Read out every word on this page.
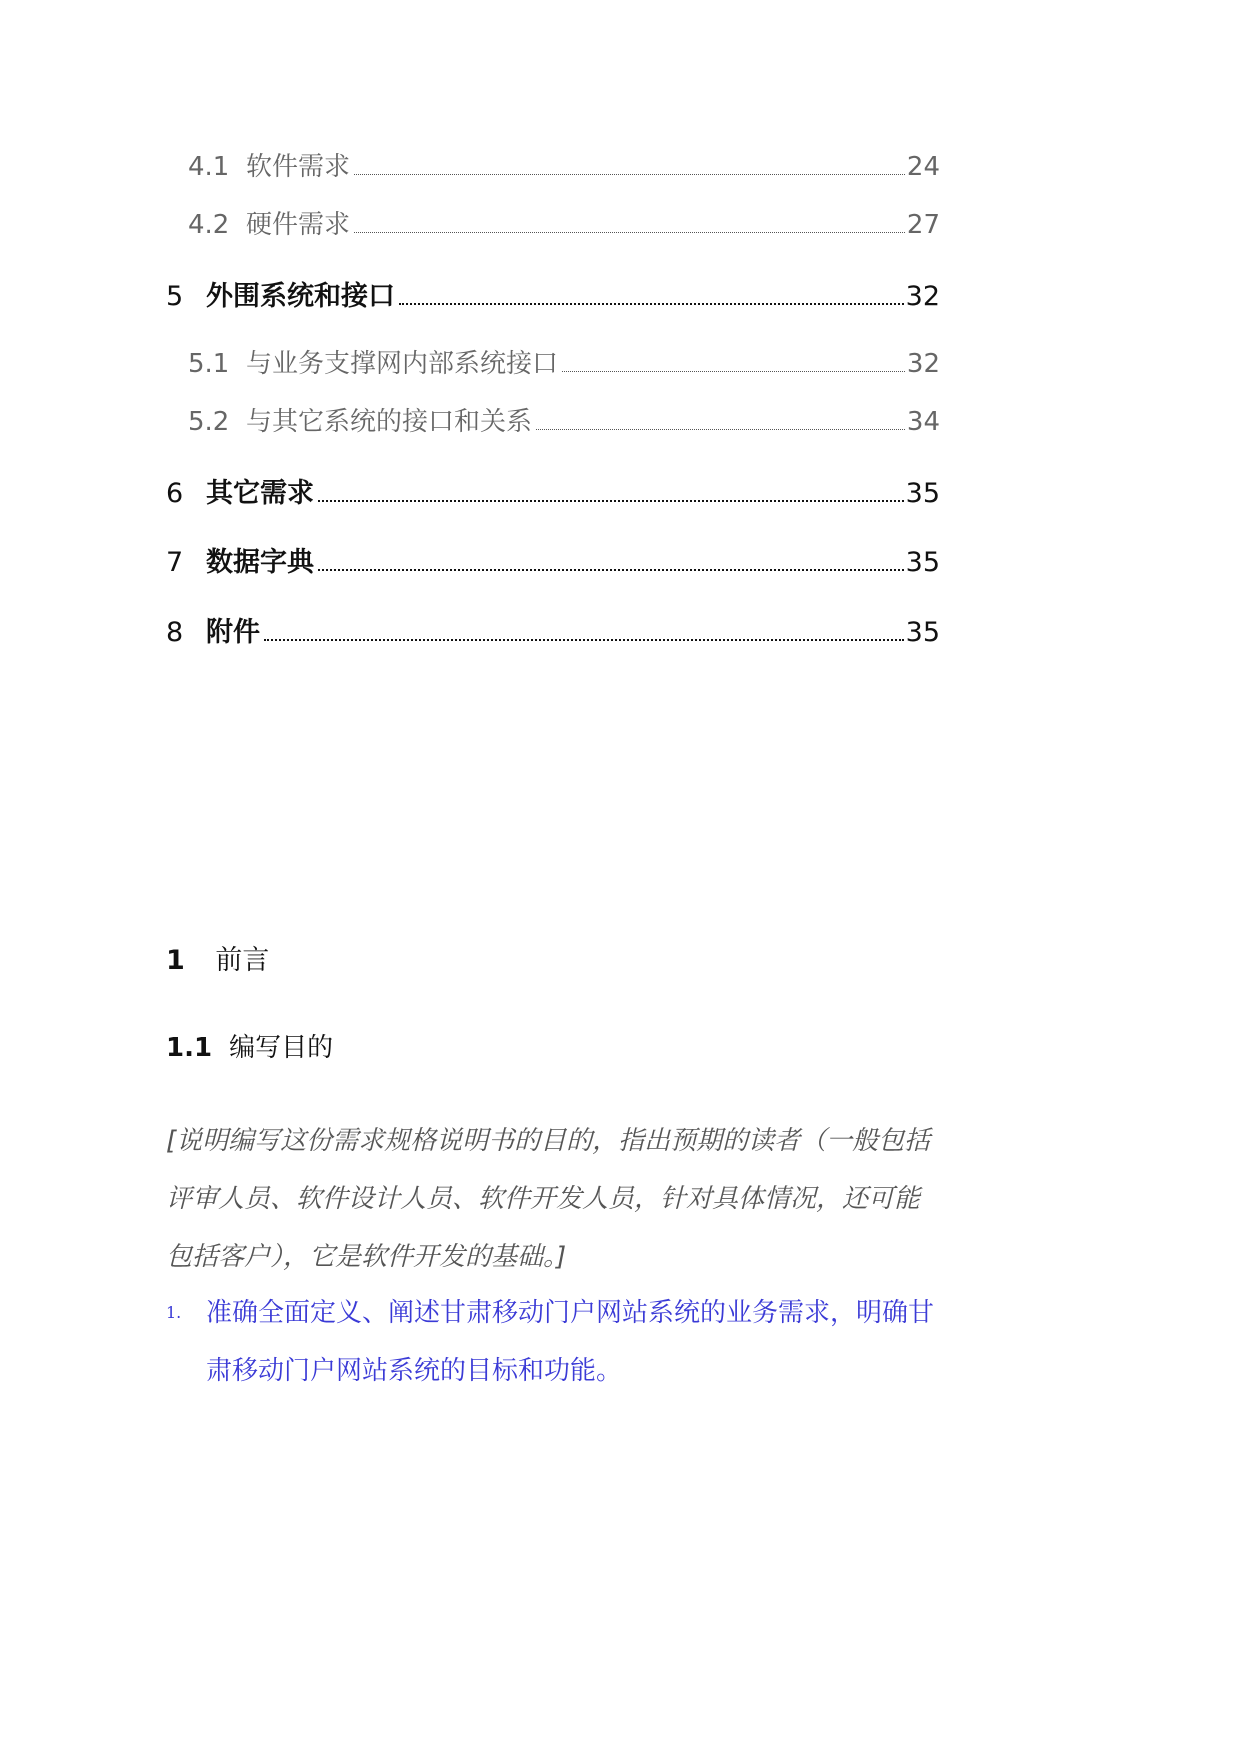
4.1 软件需求	24
4.2 硬件需求	27
5 外围系统和接口	32
5.1 与业务支撑网内部系统接口	32
5.2 与其它系统的接口和关系	34
6 其它需求	35
7 数据字典	35
8 附件	35
1 前言
1.1 编写目的
[说明编写这份需求规格说明书的目的，指出预期的读者（一般包括评审人员、软件设计人员、软件开发人员，针对具体情况，还可能包括客户），它是软件开发的基础。]
1. 准确全面定义、阐述甘肃移动门户网站系统的业务需求，明确甘肃移动门户网站系统的目标和功能。
